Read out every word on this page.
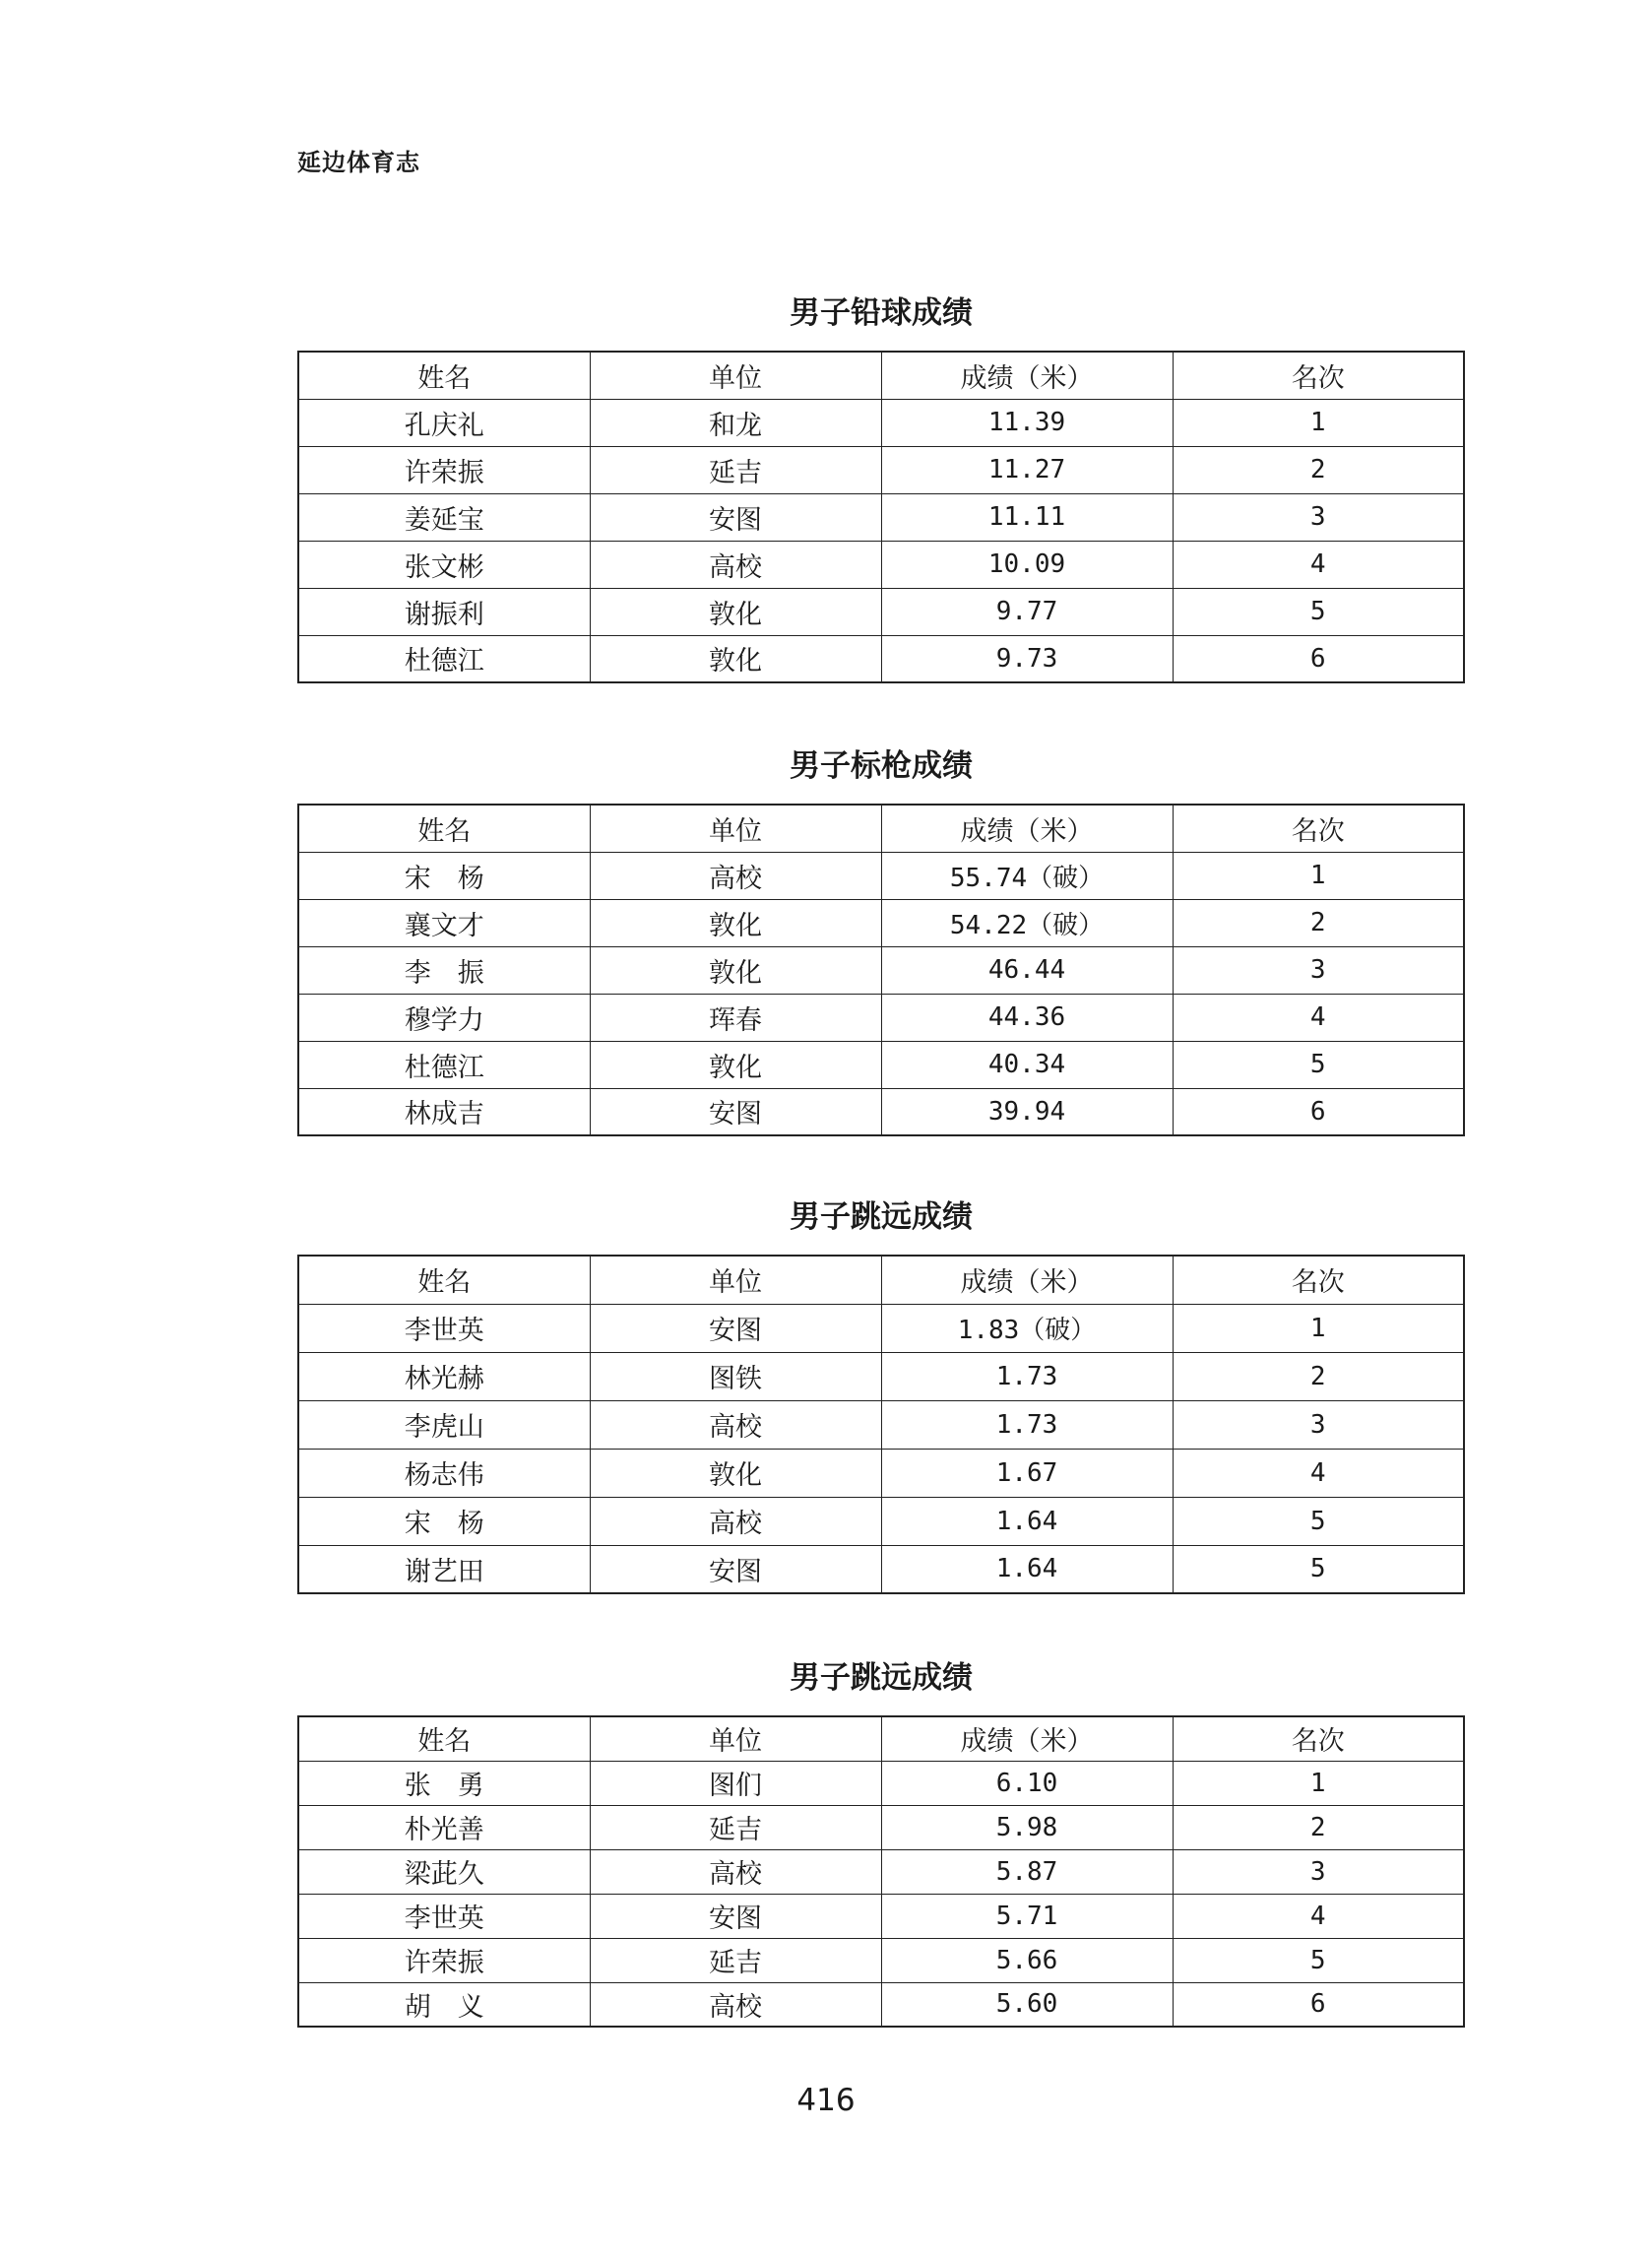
延边体育志
男子铅球成绩
姓名	单位	成绩（米）	名次
孔庆礼	和龙	11.39	1
许荣振	延吉	11.27	2
姜延宝	安图	11.11	3
张文彬	高校	10.09	4
谢振利	敦化	9.77	5
杜德江	敦化	9.73	6
男子标枪成绩
姓名	单位	成绩（米）	名次
宋　杨	高校	55.74（破）	1
襄文才	敦化	54.22（破）	2
李　振	敦化	46.44	3
穆学力	珲春	44.36	4
杜德江	敦化	40.34	5
林成吉	安图	39.94	6
男子跳远成绩
姓名	单位	成绩（米）	名次
李世英	安图	1.83（破）	1
林光赫	图铁	1.73	2
李虎山	高校	1.73	3
杨志伟	敦化	1.67	4
宋　杨	高校	1.64	5
谢艺田	安图	1.64	5
男子跳远成绩
姓名	单位	成绩（米）	名次
张　勇	图们	6.10	1
朴光善	延吉	5.98	2
梁茈久	高校	5.87	3
李世英	安图	5.71	4
许荣振	延吉	5.66	5
胡　义	高校	5.60	6
416
